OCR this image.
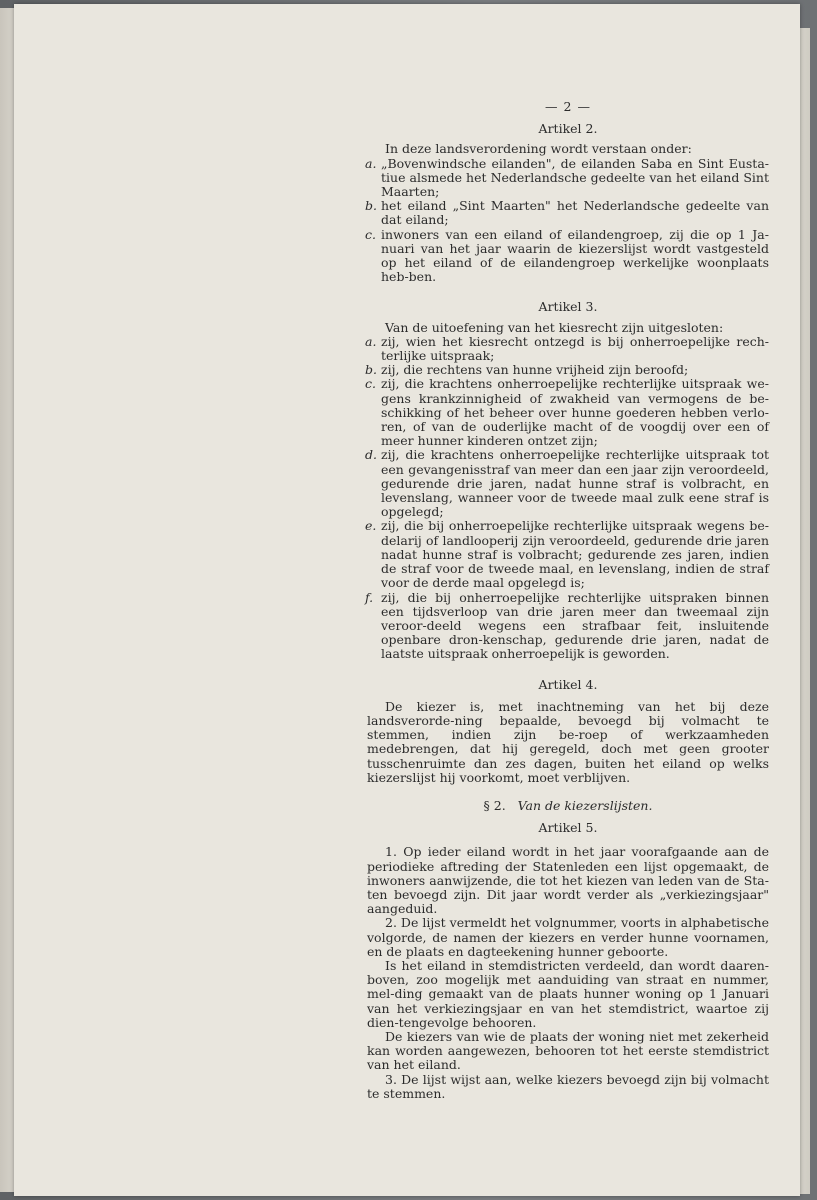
— 2 —
Artikel 2.

In deze landsverordening wordt verstaan onder:

a. „Bovenwindsche eilanden", de eilanden Saba en Sint Eusta-tiue alsmede het Nederlandsche gedeelte van het eiland Sint Maarten;
b. het eiland „Sint Maarten" het Nederlandsche gedeelte van dat eiland;
c. inwoners van een eiland of eilandengroep, zij die op 1 Ja-nuari van het jaar waarin de kiezerslijst wordt vastgesteld op het eiland of de eilandengroep werkelijke woonplaats heb-ben.
Artikel 3.

Van de uitoefening van het kiesrecht zijn uitgesloten:

a. zij, wien het kiesrecht ontzegd is bij onherroepelijke rech-terlijke uitspraak;
b. zij, die rechtens van hunne vrijheid zijn beroofd;
c. zij, die krachtens onherroepelijke rechterlijke uitspraak we-gens krankzinnigheid of zwakheid van vermogens de be-schikking of het beheer over hunne goederen hebben verlo-ren, of van de ouderlijke macht of de voogdij over een of meer hunner kinderen ontzet zijn;
d. zij, die krachtens onherroepelijke rechterlijke uitspraak tot een gevangenisstraf van meer dan een jaar zijn veroordeeld, gedurende drie jaren, nadat hunne straf is volbracht, en levenslang, wanneer voor de tweede maal zulk eene straf is opgelegd;
e. zij, die bij onherroepelijke rechterlijke uitspraak wegens be-delarij of landlooperij zijn veroordeeld, gedurende drie jaren nadat hunne straf is volbracht; gedurende zes jaren, indien de straf voor de tweede maal, en levenslang, indien de straf voor de derde maal opgelegd is;
f. zij, die bij onherroepelijke rechterlijke uitspraken binnen een tijdsverloop van drie jaren meer dan tweemaal zijn veroor-deeld wegens een strafbaar feit, insluitende openbare dron-kenschap, gedurende drie jaren, nadat de laatste uitspraak onherroepelijk is geworden.
Artikel 4.

De kiezer is, met inachtneming van het bij deze landsverorde-ning bepaalde, bevoegd bij volmacht te stemmen, indien zijn be-roep of werkzaamheden medebrengen, dat hij geregeld, doch met geen grooter tusschenruimte dan zes dagen, buiten het eiland op welks kiezerslijst hij voorkomt, moet verblijven.

§ 2. Van de kiezerslijsten.
Artikel 5.

1. Op ieder eiland wordt in het jaar voorafgaande aan de periodieke aftreding der Statenleden een lijst opgemaakt, de inwoners aanwijzende, die tot het kiezen van leden van de Sta-ten bevoegd zijn. Dit jaar wordt verder als „verkiezingsjaar" aangeduid.

2. De lijst vermeldt het volgnummer, voorts in alphabetische volgorde, de namen der kiezers en verder hunne voornamen, en de plaats en dagteekening hunner geboorte.

Is het eiland in stemdistricten verdeeld, dan wordt daaren-boven, zoo mogelijk met aanduiding van straat en nummer, mel-ding gemaakt van de plaats hunner woning op 1 Januari van het verkiezingsjaar en van het stemdistrict, waartoe zij dien-tengevolge behooren.

De kiezers van wie de plaats der woning niet met zekerheid kan worden aangewezen, behooren tot het eerste stemdistrict van het eiland.

3. De lijst wijst aan, welke kiezers bevoegd zijn bij volmacht te stemmen.
